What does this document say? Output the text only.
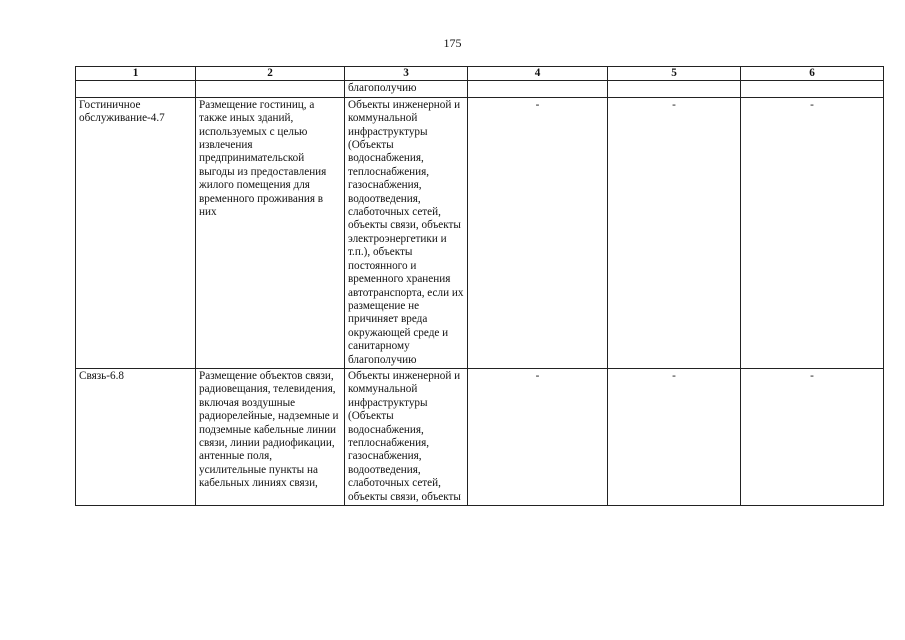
175
1	2	3	4	5	6
		благополучию			
Гостиничное обслуживание-4.7	Размещение гостиниц, а также иных зданий, используемых с целью извлечения предпринимательской выгоды из предоставления жилого помещения для временного проживания в них	Объекты инженерной и коммунальной инфраструктуры (Объекты водоснабжения, теплоснабжения, газоснабжения, водоотведения, слаботочных сетей, объекты связи, объекты электроэнергетики и т.п.), объекты постоянного и временного хранения автотранспорта, если их размещение не причиняет вреда окружающей среде и санитарному благополучию	-	-	-
Связь-6.8	Размещение объектов связи, радиовещания, телевидения, включая воздушные радиорелейные, надземные и подземные кабельные линии связи, линии радиофикации, антенные поля, усилительные пункты на кабельных линиях связи,	Объекты инженерной и коммунальной инфраструктуры (Объекты водоснабжения, теплоснабжения, газоснабжения, водоотведения, слаботочных сетей, объекты связи, объекты	-	-	-
